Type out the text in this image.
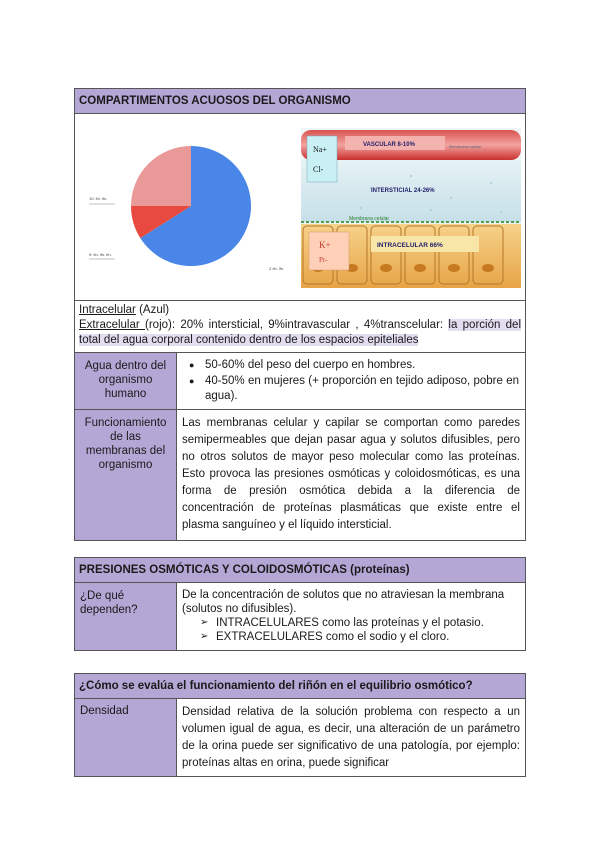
COMPARTIMENTOS ACUOSOS DEL ORGANISMO
10: ifn. ifn.
9: ifn. ifn. ifn.
Z ifn. ifn.
Na+
Cl-
VASCULAR 8-10%	Membrana capilar
INTERSTICIAL 24-26%
Membrana celular
K+
Pr-
INTRACELULAR 66%
Intracelular (Azul)
Extracelular (rojo): 20% intersticial, 9%intravascular , 4%transcelular: la porción del total del agua corporal contenido dentro de los espacios epiteliales
Agua dentro del organismo humano
● 50-60% del peso del cuerpo en hombres.
● 40-50% en mujeres (+ proporción en tejido adiposo, pobre en agua).
Funcionamiento de las membranas del organismo
Las membranas celular y capilar se comportan como paredes semipermeables que dejan pasar agua y solutos difusibles, pero no otros solutos de mayor peso molecular como las proteínas. Esto provoca las presiones osmóticas y coloidosmóticas, es una forma de presión osmótica debida a la diferencia de concentración de proteínas plasmáticas que existe entre el plasma sanguíneo y el líquido intersticial.
PRESIONES OSMÓTICAS Y COLOIDOSMÓTICAS (proteínas)
¿De qué dependen?
De la concentración de solutos que no atraviesan la membrana (solutos no difusibles).
➢ INTRACELULARES como las proteínas y el potasio.
➢ EXTRACELULARES como el sodio y el cloro.
¿Cómo se evalúa el funcionamiento del riñón en el equilibrio osmótico?
Densidad	Densidad relativa de la solución problema con respecto a un volumen igual de agua, es decir, una alteración de un parámetro de la orina puede ser significativo de una patología, por ejemplo: proteínas altas en orina, puede significar
